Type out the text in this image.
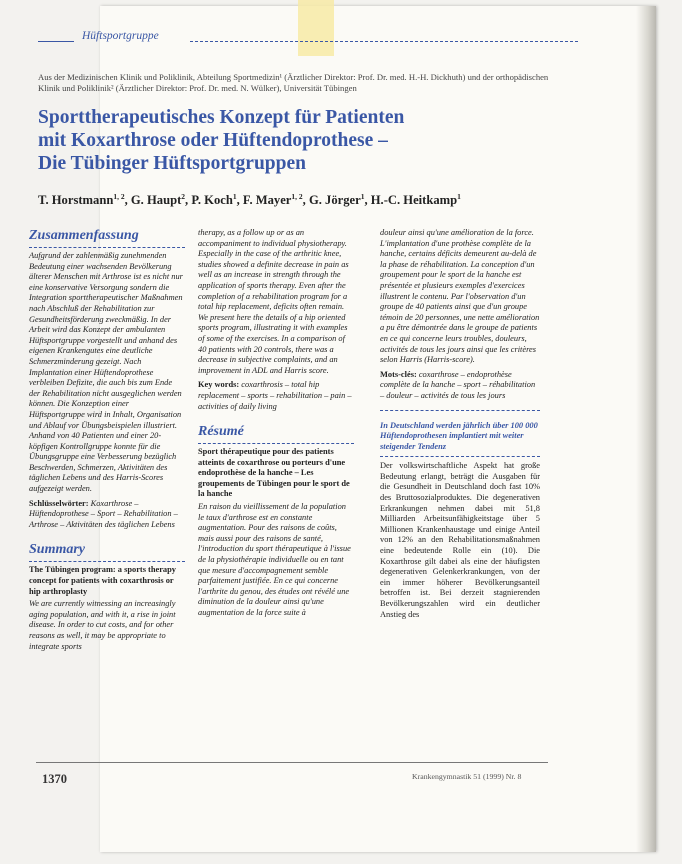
Hüftsportgruppe
Aus der Medizinischen Klinik und Poliklinik, Abteilung Sportmedizin¹ (Ärztlicher Direktor: Prof. Dr. med. H.-H. Dickhuth) und der orthopädischen Klinik und Poliklinik² (Ärztlicher Direktor: Prof. Dr. med. N. Wülker), Universität Tübingen
Sporttherapeutisches Konzept für Patienten
mit Koxarthrose oder Hüftendoprothese –
Die Tübinger Hüftsportgruppen
T. Horstmann$^{1, 2}$, G. Haupt$^2$, P. Koch$^1$, F. Mayer$^{1, 2}$, G. Jörger$^1$, H.-C. Heitkamp$^1$
Zusammenfassung

Aufgrund der zahlenmäßig zunehmenden Bedeutung einer wachsenden Bevölkerung älterer Menschen mit Arthrose ist es nicht nur eine konservative Versorgung sondern die Integration sporttherapeutischer Maßnahmen nach Abschluß der Rehabilitation zur Gesundheitsförderung zweckmäßig. In der Arbeit wird das Konzept der ambulanten Hüftsportgruppe vorgestellt und anhand des eigenen Krankengutes eine deutliche Schmerzminderung gezeigt. Nach Implantation einer Hüftendoprothese verbleiben Defizite, die auch bis zum Ende der Rehabilitation nicht ausgeglichen werden können. Die Konzeption einer Hüftsportgruppe wird in Inhalt, Organisation und Ablauf vor Übungsbeispielen illustriert. Anhand von 40 Patienten und einer 20-köpfigen Kontrollgruppe konnte für die Übungsgruppe eine Verbesserung bezüglich Beschwerden, Schmerzen, Aktivitäten des täglichen Lebens und des Harris-Scores aufgezeigt werden.

Schlüsselwörter: Koxarthrose – Hüftendoprothese – Sport – Rehabilitation – Arthrose – Aktivitäten des täglichen Lebens

Summary

The Tübingen program: a sports therapy concept for patients with coxarthrosis or hip arthroplasty

We are currently witnessing an increasingly aging population, and with it, a rise in joint disease. In order to cut costs, and for other reasons as well, it may be appropriate to integrate sports

therapy, as a follow up or as an accompaniment to individual physiotherapy. Especially in the case of the arthritic knee, studies showed a definite decrease in pain as well as an increase in strength through the application of sports therapy. Even after the completion of a rehabilitation program for a total hip replacement, deficits often remain. We present here the details of a hip oriented sports program, illustrating it with examples of some of the exercises. In a comparison of 40 patients with 20 controls, there was a decrease in subjective complaints, and an improvement in ADL and Harris score.

Key words: coxarthrosis – total hip replacement – sports – rehabilitation – pain – activities of daily living

Résumé

Sport thérapeutique pour des patients atteints de coxarthrose ou porteurs d'une endoprothèse de la hanche – Les groupements de Tübingen pour le sport de la hanche

En raison du vieillissement de la population le taux d'arthrose est en constante augmentation. Pour des raisons de coûts, mais aussi pour des raisons de santé, l'introduction du sport thérapeutique à l'issue de la physiothérapie individuelle ou en tant que mesure d'accompagnement semble parfaitement justifiée. En ce qui concerne l'arthrite du genou, des études ont révélé une diminution de la douleur ainsi qu'une augmentation de la force suite à

douleur ainsi qu'une amélioration de la force. L'implantation d'une prothèse complète de la hanche, certains déficits demeurent au-delà de la phase de réhabilitation. La conception d'un groupement pour le sport de la hanche est présentée et plusieurs exemples d'exercices illustrent le contenu. Par l'observation d'un groupe de 40 patients ainsi que d'un groupe témoin de 20 personnes, une nette amélioration a pu être démontrée dans le groupe de patients en ce qui concerne leurs troubles, douleurs, activités de tous les jours ainsi que les critères selon Harris (Harris-score).

Mots-clés: coxarthrose – endoprothèse complète de la hanche – sport – réhabilitation – douleur – activités de tous les jours

In Deutschland werden jährlich über 100 000 Hüftendoprothesen implantiert mit weiter steigender Tendenz

Der volkswirtschaftliche Aspekt hat große Bedeutung erlangt, beträgt die Ausgaben für die Gesundheit in Deutschland doch fast 10% des Bruttosozialproduktes. Die degenerativen Erkrankungen nehmen dabei mit 51,8 Milliarden Arbeitsunfähigkeitstage über 5 Millionen Krankenhaustage und einige Anteil von 12% an den Rehabilitationsmaßnahmen eine bedeutende Rolle ein (10). Die Koxarthrose gilt dabei als eine der häufigsten degenerativen Gelenkerkrankungen, von der ein immer höherer Bevölkerungsanteil betroffen ist. Bei derzeit stagnierenden Bevölkerungszahlen wird ein deutlicher Anstieg des

1370	Krankengymnastik 51 (1999) Nr. 8
